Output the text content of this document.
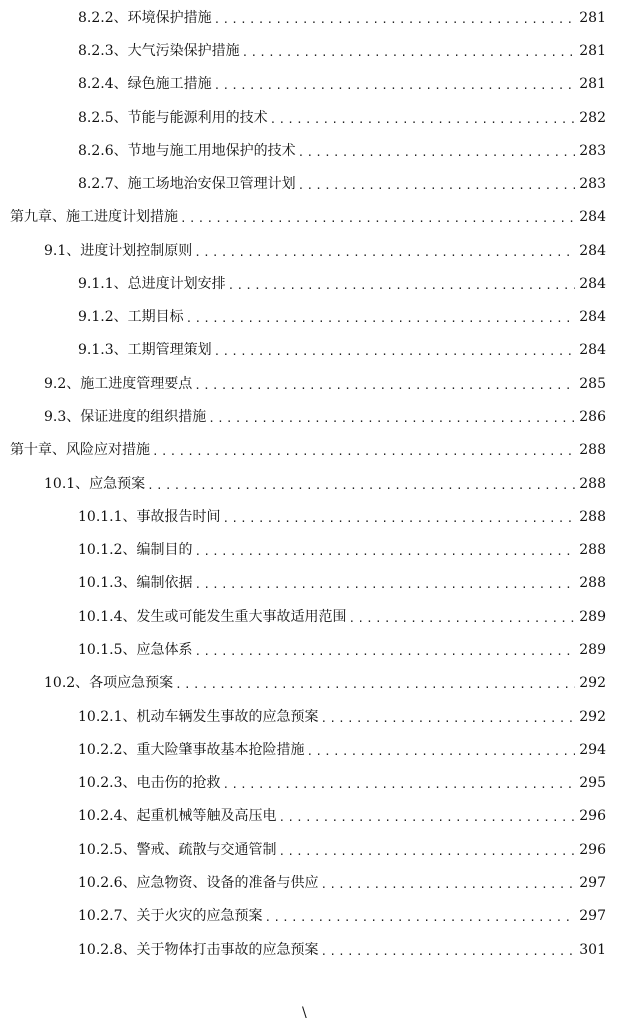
8.2.2、环境保护措施 .....	281
8.2.3、大气污染保护措施 .....	281
8.2.4、绿色施工措施 .....	281
8.2.5、节能与能源利用的技术 .....	282
8.2.6、节地与施工用地保护的技术 .....	283
8.2.7、施工场地治安保卫管理计划 .....	283
第九章、施工进度计划措施 .....	284
9.1、进度计划控制原则 .....	284
9.1.1、总进度计划安排 .....	284
9.1.2、工期目标 .....	284
9.1.3、工期管理策划 .....	284
9.2、施工进度管理要点 .....	285
9.3、保证进度的组织措施 .....	286
第十章、风险应对措施 .....	288
10.1、应急预案 .....	288
10.1.1、事故报告时间 .....	288
10.1.2、编制目的 .....	288
10.1.3、编制依据 .....	288
10.1.4、发生或可能发生重大事故适用范围 .....	289
10.1.5、应急体系 .....	289
10.2、各项应急预案 .....	292
10.2.1、机动车辆发生事故的应急预案 .....	292
10.2.2、重大险肇事故基本抢险措施 .....	294
10.2.3、电击伤的抢救 .....	295
10.2.4、起重机械等触及高压电 .....	296
10.2.5、警戒、疏散与交通管制 .....	296
10.2.6、应急物资、设备的准备与供应 .....	297
10.2.7、关于火灾的应急预案 .....	297
10.2.8、关于物体打击事故的应急预案 .....	301
\
